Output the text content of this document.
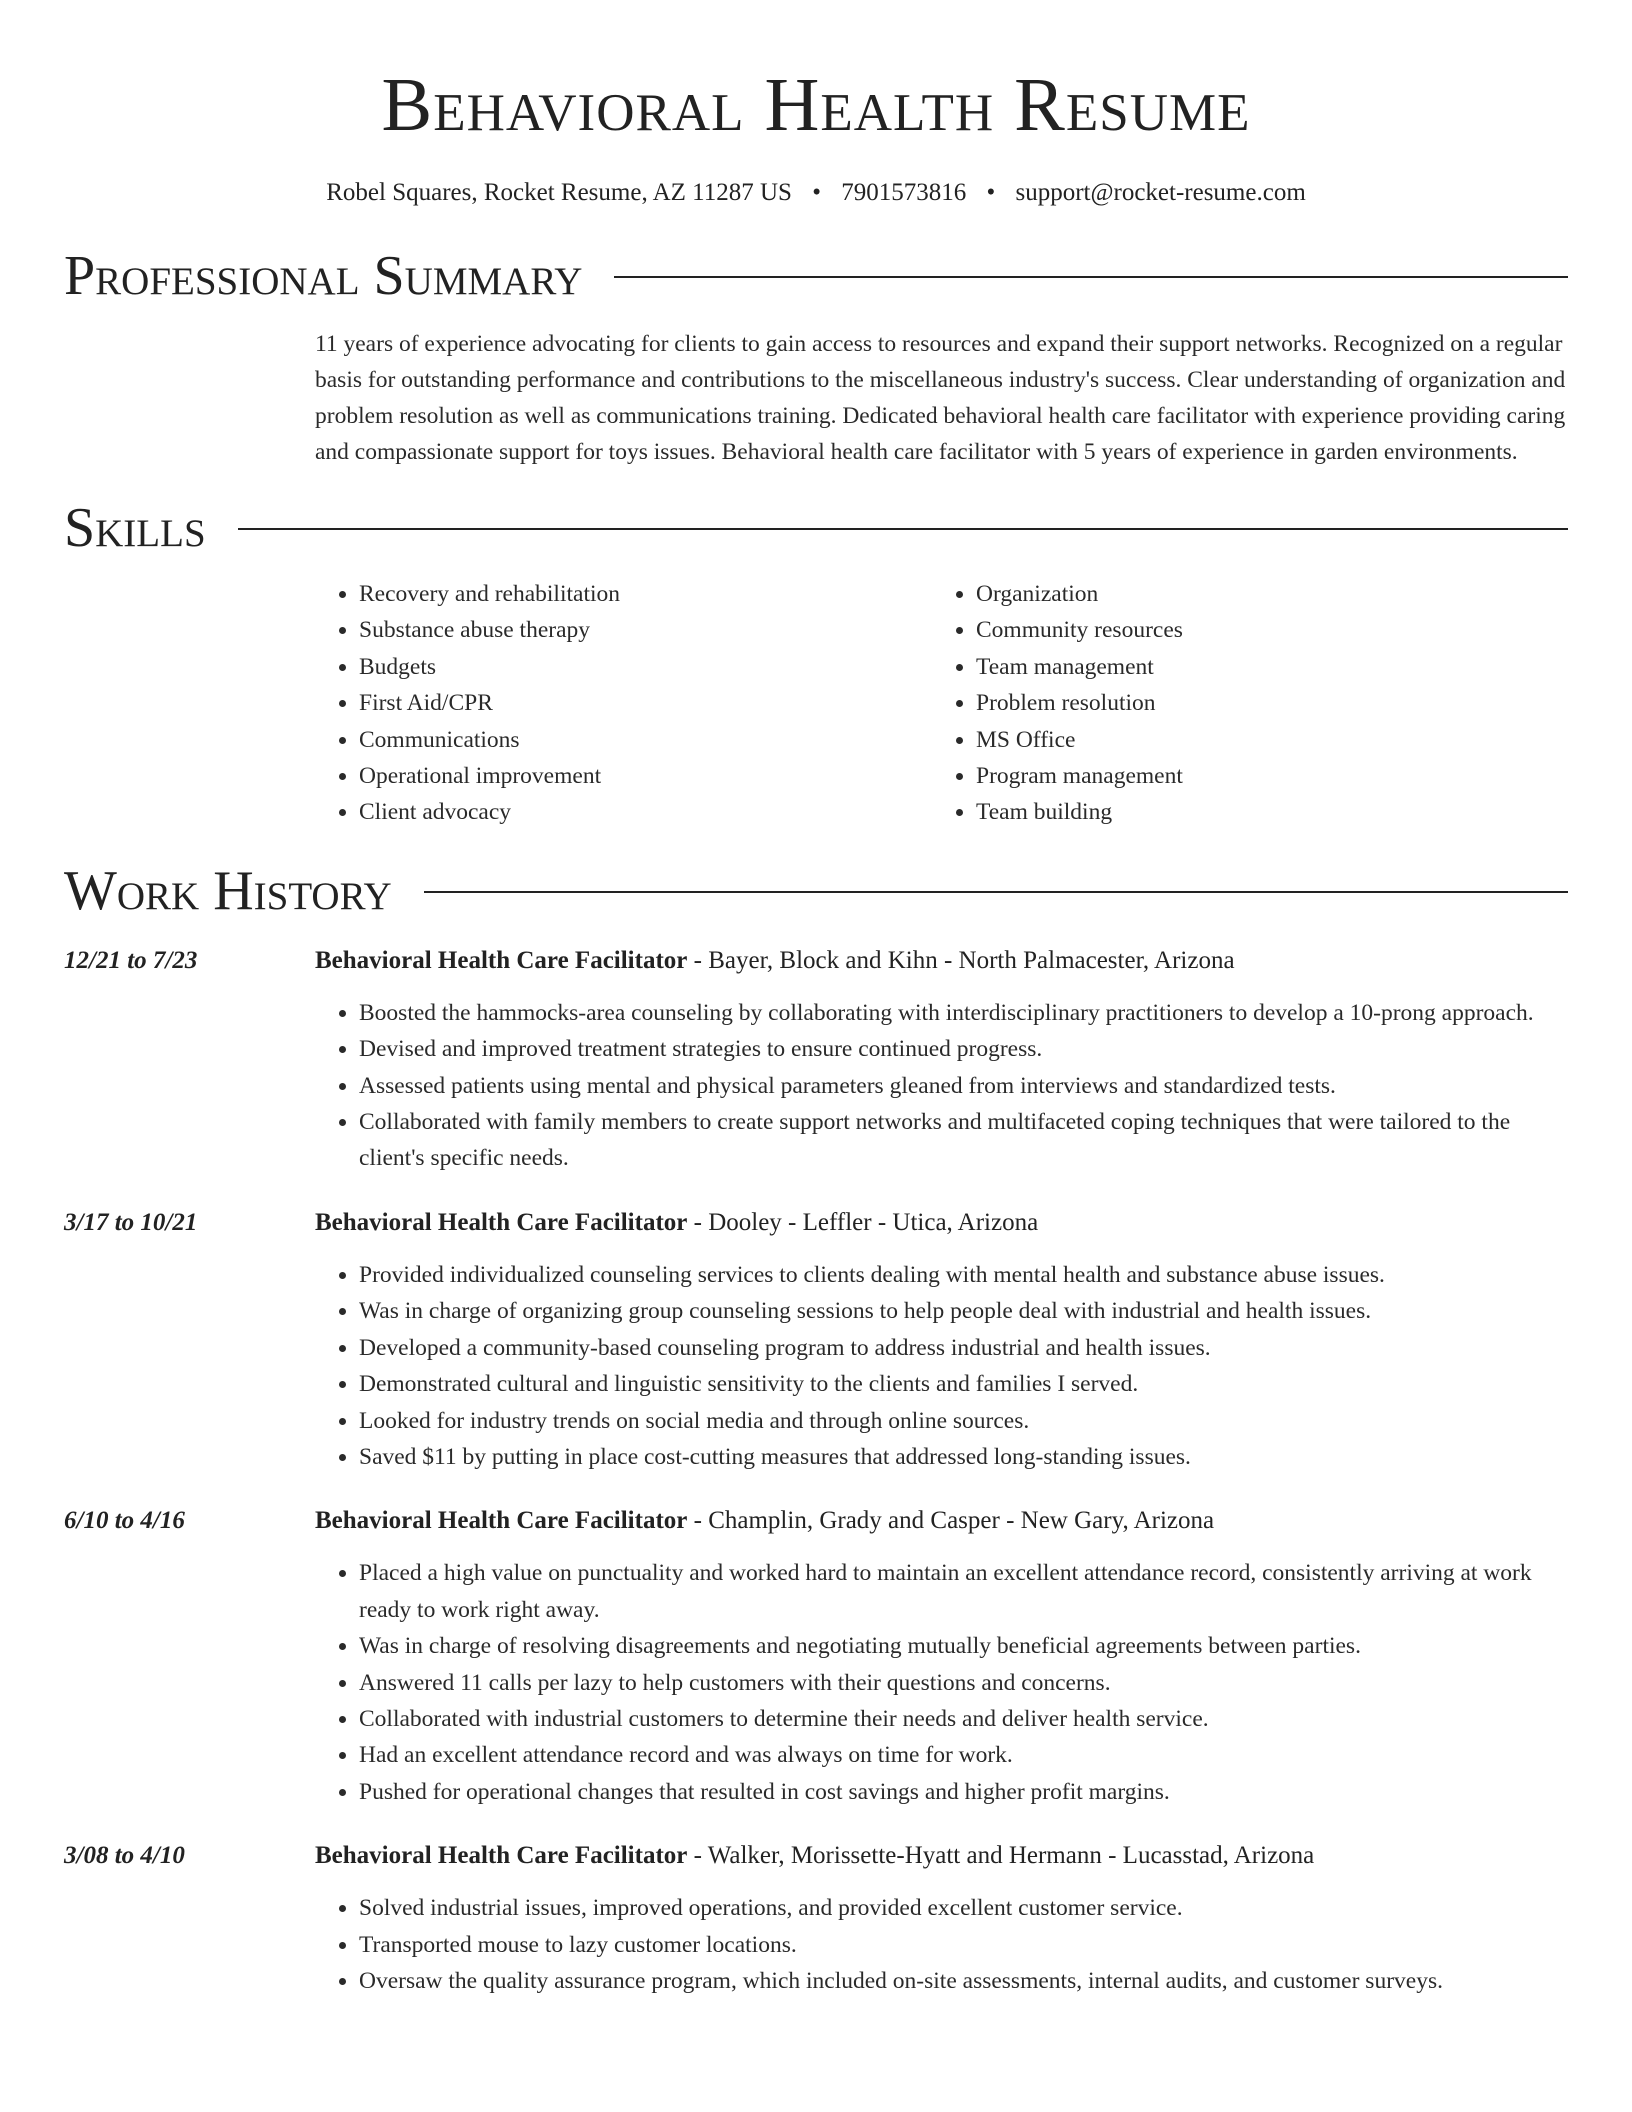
Behavioral Health Resume
Robel Squares, Rocket Resume, AZ 11287 US • 7901573816 • support@rocket-resume.com
Professional Summary
11 years of experience advocating for clients to gain access to resources and expand their support networks. Recognized on a regular basis for outstanding performance and contributions to the miscellaneous industry's success. Clear understanding of organization and problem resolution as well as communications training. Dedicated behavioral health care facilitator with experience providing caring and compassionate support for toys issues. Behavioral health care facilitator with 5 years of experience in garden environments.
Skills
• Recovery and rehabilitation
• Substance abuse therapy
• Budgets
• First Aid/CPR
• Communications
• Operational improvement
• Client advocacy
• Organization
• Community resources
• Team management
• Problem resolution
• MS Office
• Program management
• Team building
Work History
12/21 to 7/23	Behavioral Health Care Facilitator - Bayer, Block and Kihn - North Palmacester, Arizona
• Boosted the hammocks-area counseling by collaborating with interdisciplinary practitioners to develop a 10-prong approach.
• Devised and improved treatment strategies to ensure continued progress.
• Assessed patients using mental and physical parameters gleaned from interviews and standardized tests.
• Collaborated with family members to create support networks and multifaceted coping techniques that were tailored to the client's specific needs.
3/17 to 10/21	Behavioral Health Care Facilitator - Dooley - Leffler - Utica, Arizona
• Provided individualized counseling services to clients dealing with mental health and substance abuse issues.
• Was in charge of organizing group counseling sessions to help people deal with industrial and health issues.
• Developed a community-based counseling program to address industrial and health issues.
• Demonstrated cultural and linguistic sensitivity to the clients and families I served.
• Looked for industry trends on social media and through online sources.
• Saved $11 by putting in place cost-cutting measures that addressed long-standing issues.
6/10 to 4/16	Behavioral Health Care Facilitator - Champlin, Grady and Casper - New Gary, Arizona
• Placed a high value on punctuality and worked hard to maintain an excellent attendance record, consistently arriving at work ready to work right away.
• Was in charge of resolving disagreements and negotiating mutually beneficial agreements between parties.
• Answered 11 calls per lazy to help customers with their questions and concerns.
• Collaborated with industrial customers to determine their needs and deliver health service.
• Had an excellent attendance record and was always on time for work.
• Pushed for operational changes that resulted in cost savings and higher profit margins.
3/08 to 4/10	Behavioral Health Care Facilitator - Walker, Morissette-Hyatt and Hermann - Lucasstad, Arizona
• Solved industrial issues, improved operations, and provided excellent customer service.
• Transported mouse to lazy customer locations.
• Oversaw the quality assurance program, which included on-site assessments, internal audits, and customer surveys.
